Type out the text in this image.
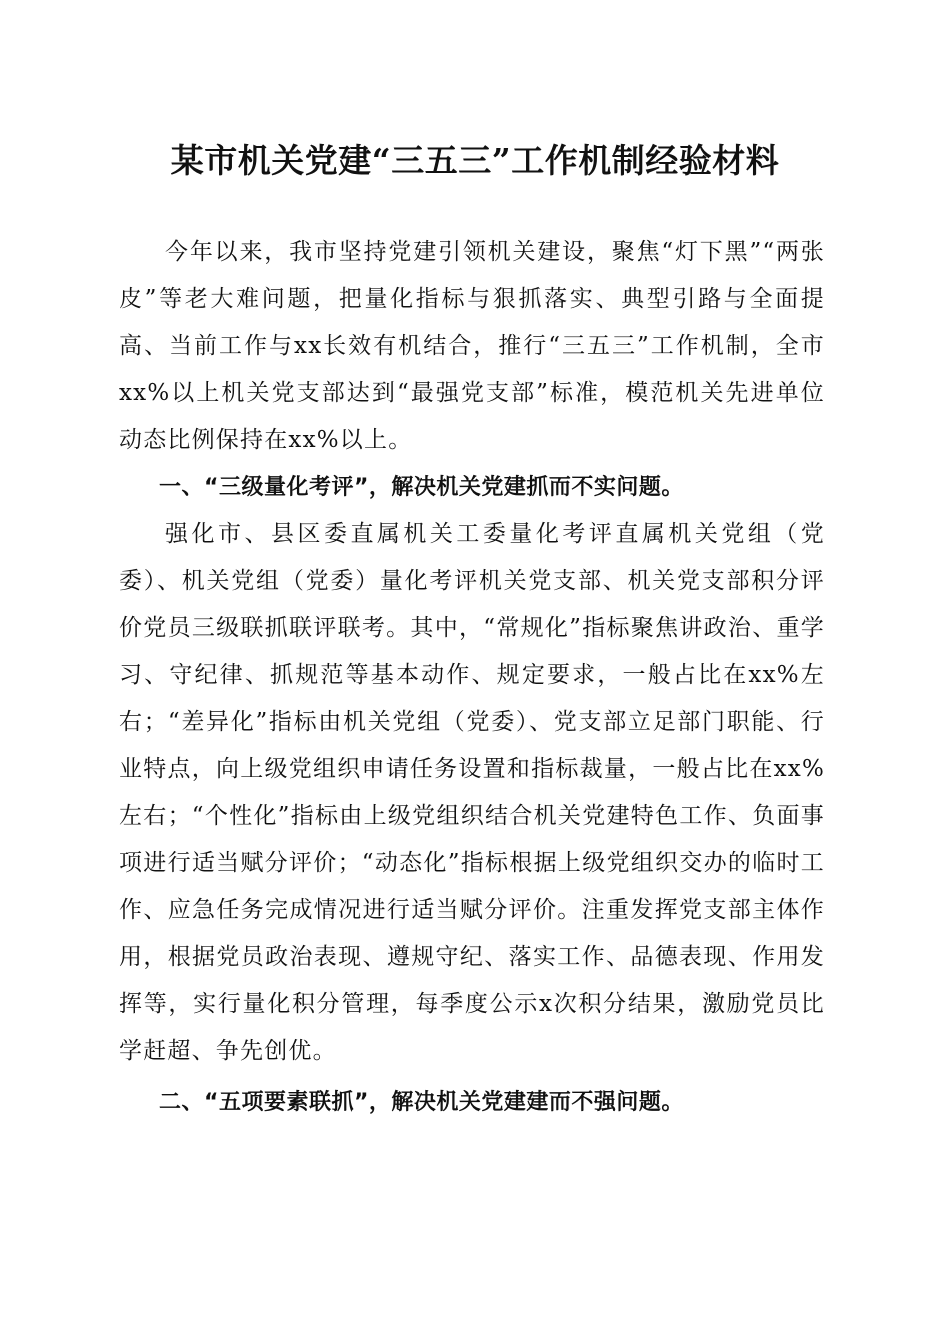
某市机关党建“三五三”工作机制经验材料

今年以来，我市坚持党建引领机关建设，聚焦“灯下黑”“两张皮”等老大难问题，把量化指标与狠抓落实、典型引路与全面提高、当前工作与xx长效有机结合，推行“三五三”工作机制，全市xx%以上机关党支部达到“最强党支部”标准，模范机关先进单位动态比例保持在xx%以上。

一、“三级量化考评”，解决机关党建抓而不实问题。

强化市、县区委直属机关工委量化考评直属机关党组（党委）、机关党组（党委）量化考评机关党支部、机关党支部积分评价党员三级联抓联评联考。其中，“常规化”指标聚焦讲政治、重学习、守纪律、抓规范等基本动作、规定要求，一般占比在xx%左右；“差异化”指标由机关党组（党委）、党支部立足部门职能、行业特点，向上级党组织申请任务设置和指标裁量，一般占比在xx%左右；“个性化”指标由上级党组织结合机关党建特色工作、负面事项进行适当赋分评价；“动态化”指标根据上级党组织交办的临时工作、应急任务完成情况进行适当赋分评价。注重发挥党支部主体作用，根据党员政治表现、遵规守纪、落实工作、品德表现、作用发挥等，实行量化积分管理，每季度公示x次积分结果，激励党员比学赶超、争先创优。

二、“五项要素联抓”，解决机关党建建而不强问题。
